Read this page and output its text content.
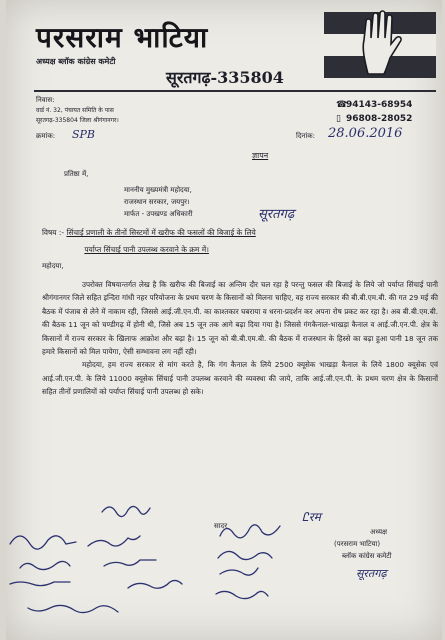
परसराम भाटिया
अध्यक्ष ब्लॉक कांग्रेस कमेटी
सूरतगढ़-335804
निवास:
वार्ड नं. 32, पंचायत समिति के पास
सूरतगढ़-335804 जिला श्रीगंगानगर।
☎
94143-68954
▯ 96808-28052
क्रमांक: SPB	दिनांक: 28.06.2016
ज्ञापन
प्रतिष्ठा में,
माननीय मुख्यमंत्री महोदया,
राजस्थान सरकार, जयपुर।
मार्फत - उपखण्ड अधिकारी	सूरतगढ़
विषय :- सिंचाई प्रणाली के तीनों सिस्टमों में खरीफ की फसलों की बिजाई के लिये
पर्याप्त सिंचाई पानी उपलब्ध करवाने के क्रम में।
महोदया,

उपरोक्त विषयान्तर्गत लेख है कि खरीफ की बिजाई का अन्तिम दौर चल रहा है परन्तु फसल की बिजाई के लिये जो पर्याप्त सिंचाई पानी श्रीगंगानगर जिले सहित इन्दिरा गांधी नहर परियोजना के प्रथम चरण के किसानों को मिलना चाहिए, वह राज्य सरकार की बी.बी.एम.बी. की गत 29 मई की बैठक में पंजाब से लेने में नाकाम रही, जिससे आई.जी.एन.पी. का काश्तकार घबराया व धरना-प्रदर्शन कर अपना रोष प्रकट कर रहा है। अब बी.बी.एम.बी. की बैठक 11 जून को चण्डीगढ़ में होनी थी, जिसे अब 15 जून तक आगे बढ़ा दिया गया है। जिससे गंगकैनाल-भाखड़ा कैनाल व आई.जी.एन.पी. क्षेत्र के किसानों में राज्य सरकार के खिलाफ आक्रोश और बढ़ा है। 15 जून को बी.बी.एम.बी. की बैठक में राजस्थान के हिस्से का बढ़ा हुआ पानी 18 जून तक हमारे किसानों को मिल पायेगा, ऐसी सम्भावना लग नहीं रही।

महोदया, हम राज्य सरकार से मांग करते है, कि गंग कैनाल के लिये 2500 क्यूसेक भाखड़ा कैनाल के लिये 1800 क्यूसेक एवं आई.जी.एन.पी. के लिये 11000 क्यूसेक सिंचाई पानी उपलब्ध करवाने की व्यवस्था की जाये, ताकि आई.जी.एन.पी. के प्रथम चरण क्षेत्र के किसानों सहित तीनों प्रणालियों को पर्याप्त सिंचाई पानी उपलब्ध हो सके।

सादर
Ꮭरम
अध्यक्ष
(परसराम भाटिया)
ब्लॉक कांग्रेस कमेटी
सूरतगढ़
